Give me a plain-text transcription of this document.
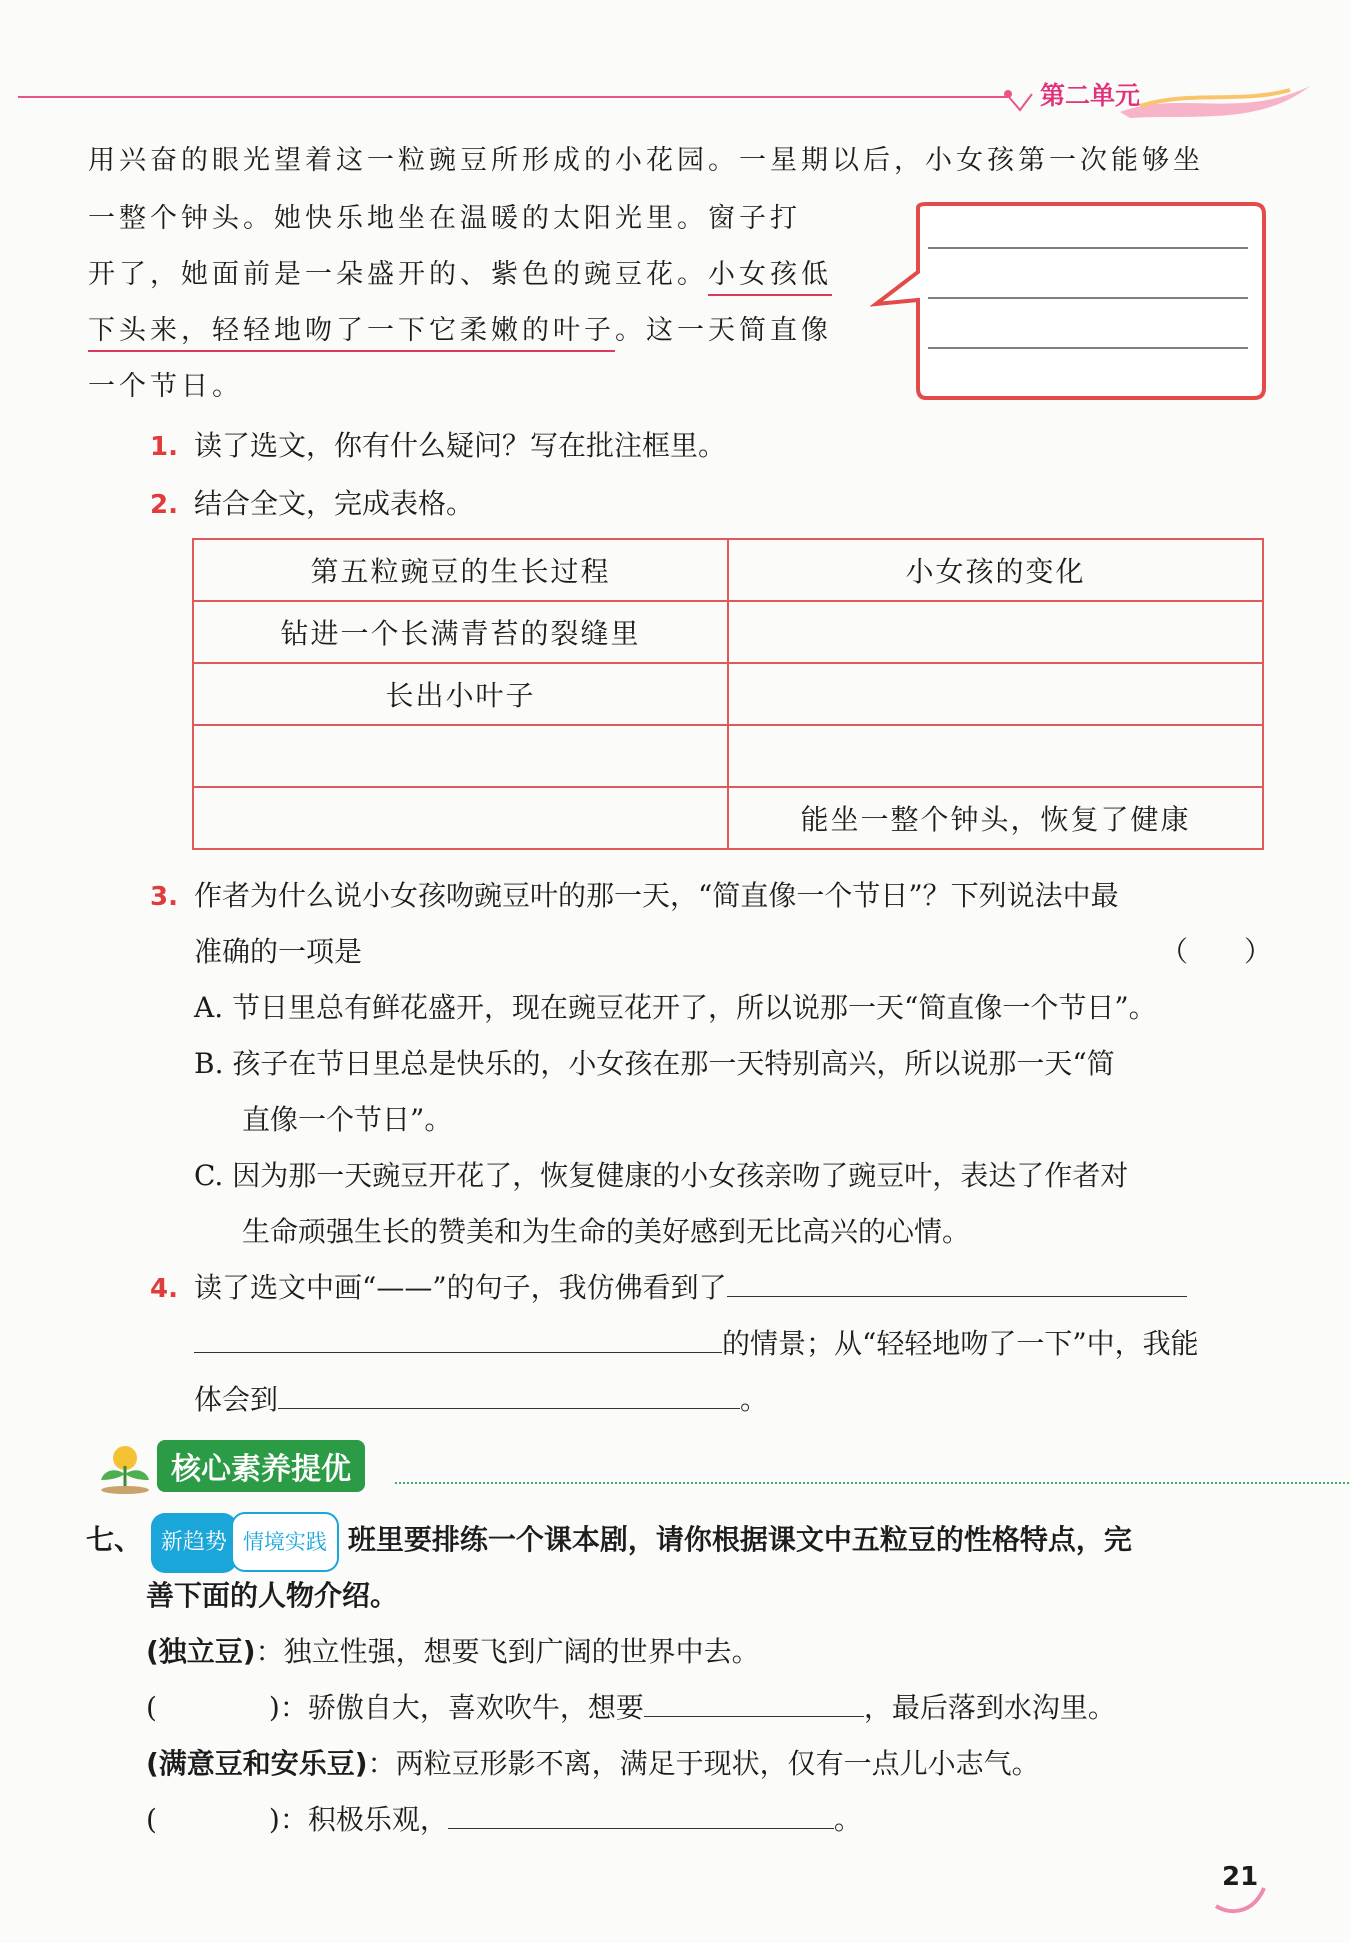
第二单元
用兴奋的眼光望着这一粒豌豆所形成的小花园。一星期以后，小女孩第一次能够坐
一整个钟头。她快乐地坐在温暖的太阳光里。窗子打
开了，她面前是一朵盛开的、紫色的豌豆花。小女孩低
下头来，轻轻地吻了一下它柔嫩的叶子。这一天简直像
一个节日。
1. 读了选文，你有什么疑问？写在批注框里。
2. 结合全文，完成表格。
第五粒豌豆的生长过程	小女孩的变化
钻进一个长满青苔的裂缝里	
长出小叶子	

	能坐一整个钟头，恢复了健康
3. 作者为什么说小女孩吻豌豆叶的那一天，“简直像一个节日”？下列说法中最
准确的一项是	（　　）
A. 节日里总有鲜花盛开，现在豌豆花开了，所以说那一天“简直像一个节日”。
B. 孩子在节日里总是快乐的，小女孩在那一天特别高兴，所以说那一天“简
直像一个节日”。
C. 因为那一天豌豆开花了，恢复健康的小女孩亲吻了豌豆叶，表达了作者对
生命顽强生长的赞美和为生命的美好感到无比高兴的心情。
4. 读了选文中画“——”的句子，我仿佛看到了
的情景；从“轻轻地吻了一下”中，我能
体会到	。
核心素养提优
七、 新趋势 情境实践 班里要排练一个课本剧，请你根据课文中五粒豆的性格特点，完
善下面的人物介绍。
(独立豆)：独立性强，想要飞到广阔的世界中去。
(　　　　)：骄傲自大，喜欢吹牛，想要	，最后落到水沟里。
(满意豆和安乐豆)：两粒豆形影不离，满足于现状，仅有一点儿小志气。
(　　　　)：积极乐观，	。
21
